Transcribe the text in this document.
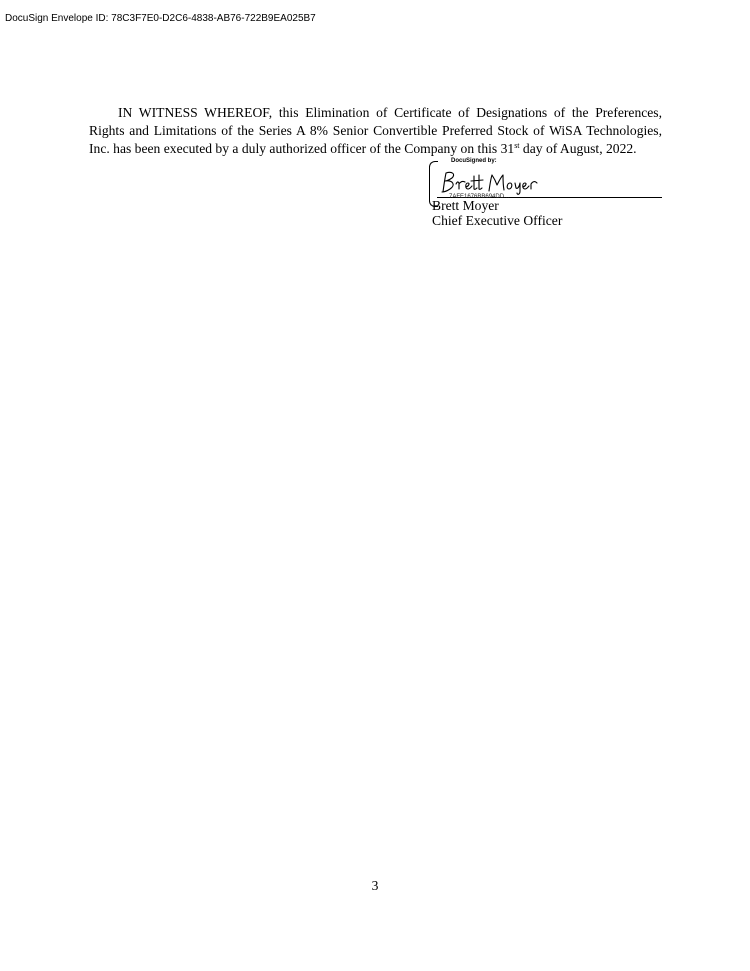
DocuSign Envelope ID: 78C3F7E0-D2C6-4838-AB76-722B9EA025B7

IN WITNESS WHEREOF, this Elimination of Certificate of Designations of the Preferences, Rights and Limitations of the Series A 8% Senior Convertible Preferred Stock of WiSA Technologies, Inc. has been executed by a duly authorized officer of the Company on this 31st day of August, 2022.

DocuSigned by:
7AFE1676BB694DD...
Brett Moyer
Chief Executive Officer
3
